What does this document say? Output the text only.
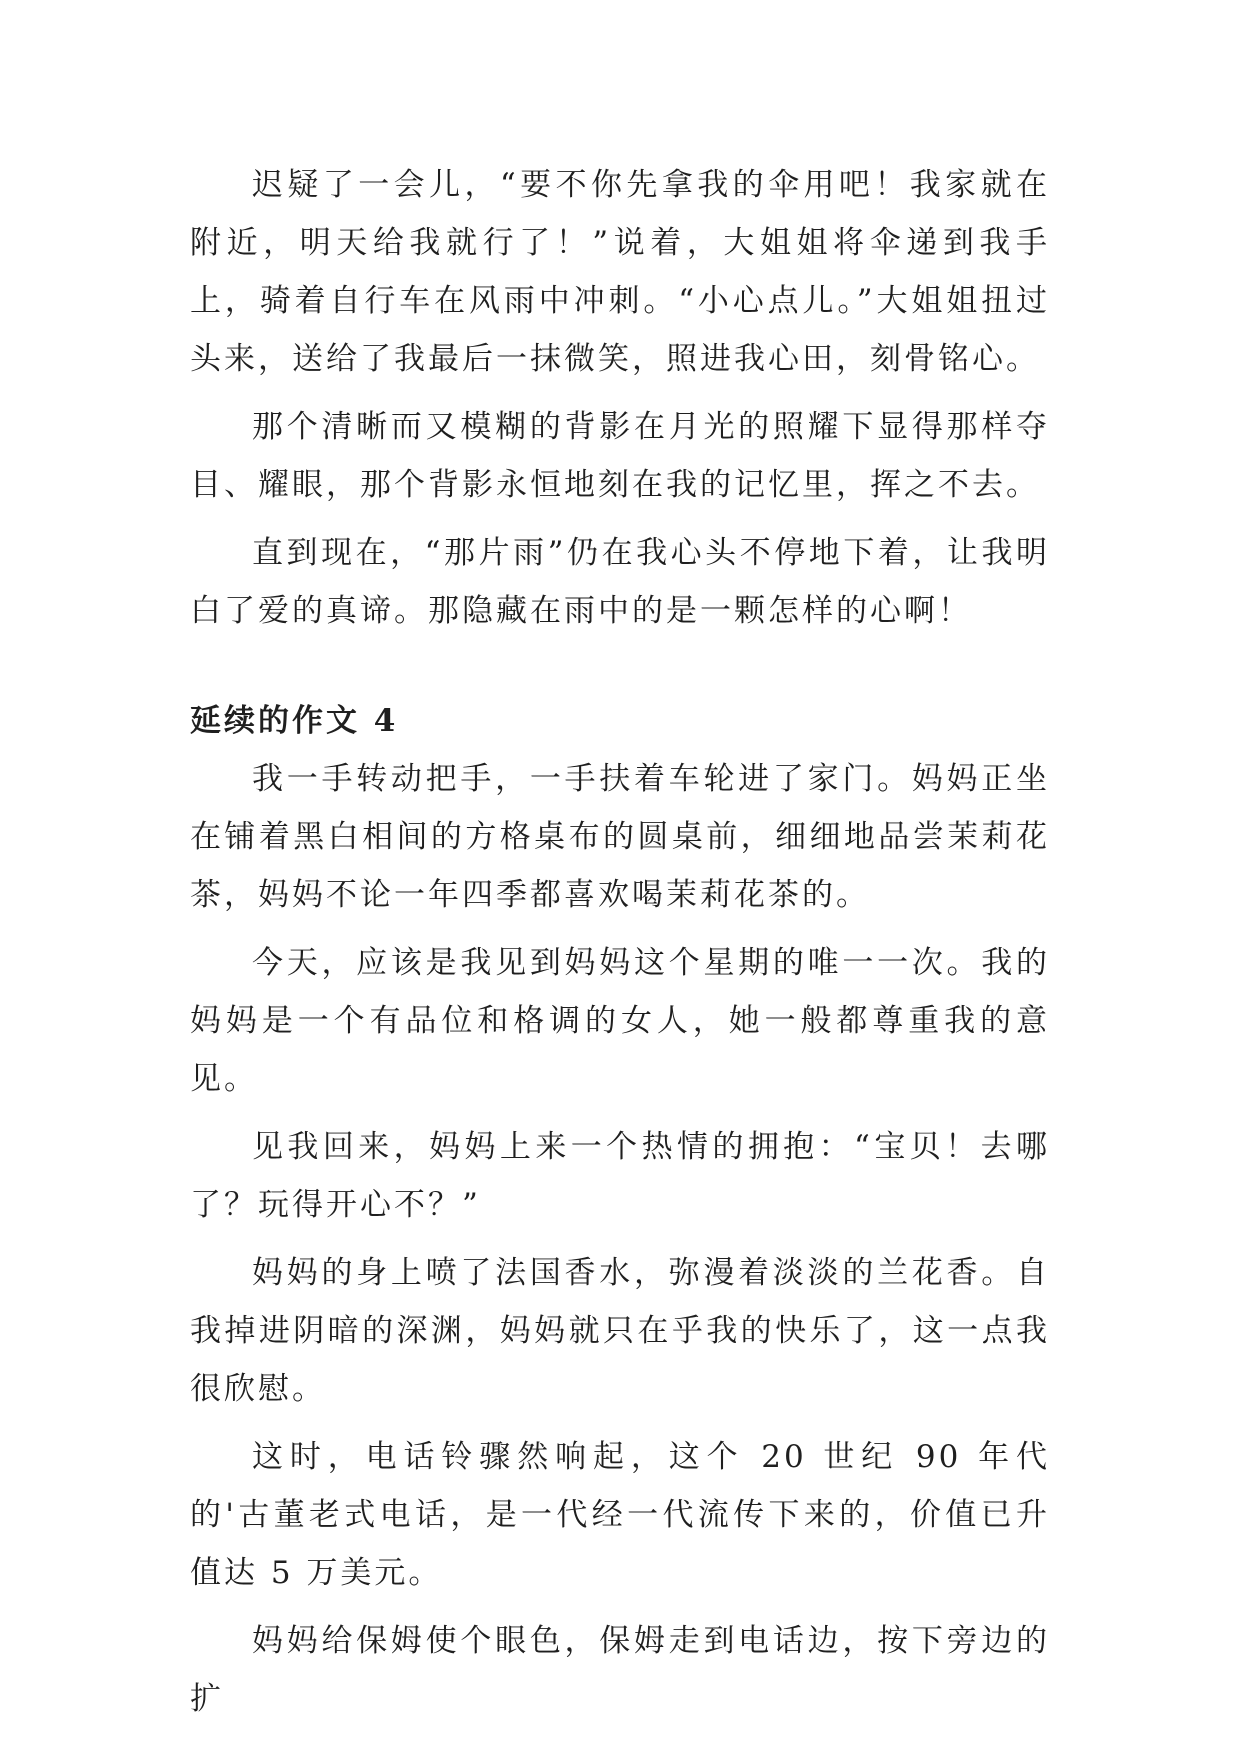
迟疑了一会儿，“要不你先拿我的伞用吧！我家就在附近，明天给我就行了！”说着，大姐姐将伞递到我手上，骑着自行车在风雨中冲刺。“小心点儿。”大姐姐扭过头来，送给了我最后一抹微笑，照进我心田，刻骨铭心。

那个清晰而又模糊的背影在月光的照耀下显得那样夺目、耀眼，那个背影永恒地刻在我的记忆里，挥之不去。

直到现在，“那片雨”仍在我心头不停地下着，让我明白了爱的真谛。那隐藏在雨中的是一颗怎样的心啊！

延续的作文 4

我一手转动把手，一手扶着车轮进了家门。妈妈正坐在铺着黑白相间的方格桌布的圆桌前，细细地品尝茉莉花茶，妈妈不论一年四季都喜欢喝茉莉花茶的。

今天，应该是我见到妈妈这个星期的唯一一次。我的妈妈是一个有品位和格调的女人，她一般都尊重我的意见。

见我回来，妈妈上来一个热情的拥抱：“宝贝！去哪了？玩得开心不？”

妈妈的身上喷了法国香水，弥漫着淡淡的兰花香。自我掉进阴暗的深渊，妈妈就只在乎我的快乐了，这一点我很欣慰。

这时，电话铃骤然响起，这个 20 世纪 90 年代的'古董老式电话，是一代经一代流传下来的，价值已升值达 5 万美元。

妈妈给保姆使个眼色，保姆走到电话边，按下旁边的扩
